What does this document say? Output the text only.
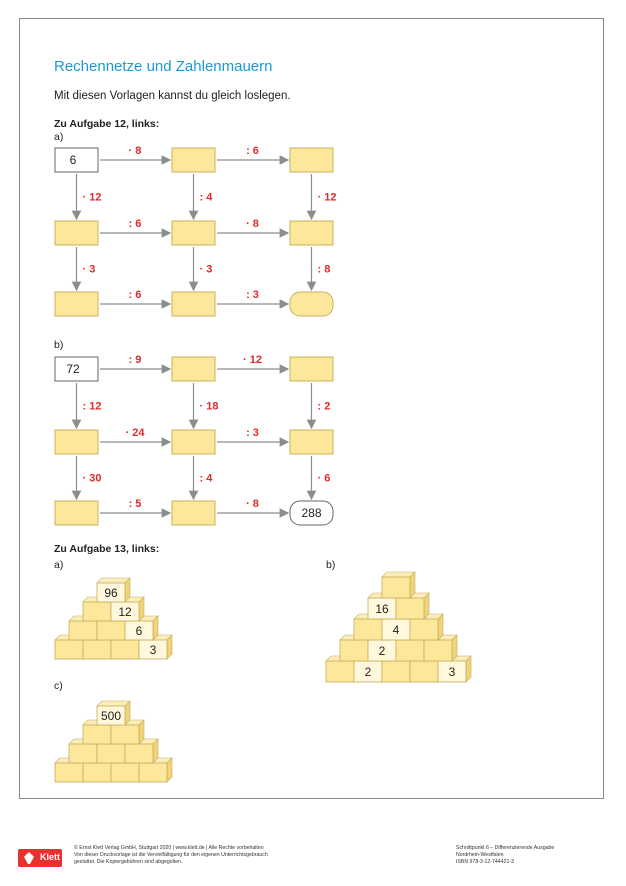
Rechennetze und Zahlenmauern
Mit diesen Vorlagen kannst du gleich loslegen.
Zu Aufgabe 12, links:
a)
b)
Zu Aufgabe 13, links:
a)	b)
c)
6
· 8	: 6
: 6	· 8
: 6	: 3
· 12	: 4	· 12
· 3	· 3	: 8
72
288
: 9	· 12
· 24	: 3
: 5	· 8
: 12	· 18	: 2
· 30	: 4	· 6
3
6
12
96
2	3
2
4
16
500
Klett
© Ernst Klett Verlag GmbH, Stuttgart 2020 | www.klett.de | Alle Rechte vorbehalten
Von dieser Druckvorlage ist die Vervielfältigung für den eigenen Unterrichtsgebrauch
gestattet. Die Kopiergebühren sind abgegolten.
Schnittpunkt 6 – Differenzierende Ausgabe
Nordrhein-Westfalen
ISBN 978-3-12-744421-3
